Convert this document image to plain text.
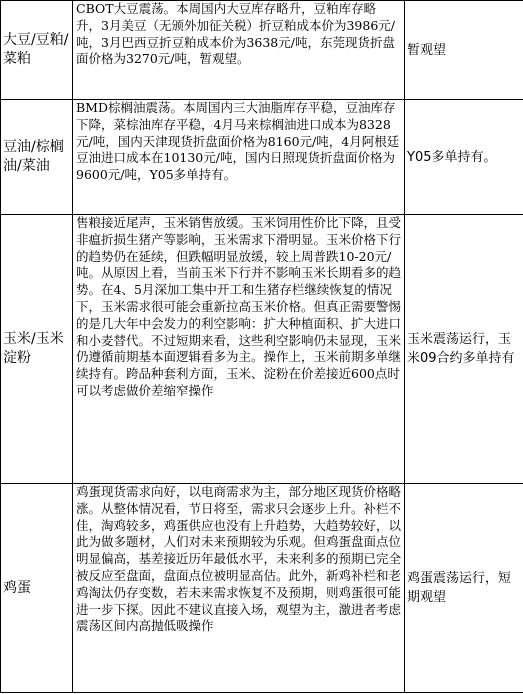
大豆/豆粕/菜粕	CBOT大豆震荡。本周国内大豆库存略升，豆粕库存略升，3月美豆（无颁外加征关税）折豆粕成本价为3986元/吨，3月巴西豆折豆粕成本价为3638元/吨，东莞现货折盘面价格为3270元/吨，暂观望。	暂观望
豆油/棕榈油/菜油	BMD棕榈油震荡。本周国内三大油脂库存平稳，豆油库存下降，菜棕油库存平稳，4月马来棕榈油进口成本为8328元/吨，国内天津现货折盘面价格为8160元/吨，4月阿根廷豆油进口成本在10130元/吨，国内日照现货折盘面价格为9600元/吨，Y05多单持有。	Y05多单持有。
玉米/玉米淀粉	售粮接近尾声，玉米销售放缓。玉米饲用性价比下降，且受非瘟折损生猪产等影响，玉米需求下滑明显。玉米价格下行的趋势仍在延续，但跌幅明显放缓，较上周普跌10-20元/吨。从原因上看，当前玉米下行并不影响玉米长期看多的趋势。在4、5月深加工集中开工和生猪存栏继续恢复的情况下，玉米需求很可能会重新拉高玉米价格。但真正需要警惕的是几大年中会发力的利空影响：扩大种植面积、扩大进口和小麦替代。不过短期来看，这些利空影响仍未显现，玉米仍遵循前期基本面逻辑看多为主。操作上，玉米前期多单继续持有。跨品种套利方面，玉米、淀粉在价差接近600点时可以考虑做价差缩窄操作	玉米震荡运行，玉米09合约多单持有
鸡蛋	鸡蛋现货需求向好，以电商需求为主，部分地区现货价格略涨。从整体情况看，节日将至，需求只会逐步上升。补栏不佳，淘鸡较多，鸡蛋供应也没有上升趋势，大趋势较好，以此为做多题材，人们对未来预期较为乐观。但鸡蛋盘面点位明显偏高，基差接近历年最低水平，未来利多的预期已完全被反应至盘面，盘面点位被明显高估。此外，新鸡补栏和老鸡淘汰仍存变数，若未来需求恢复不及预期，则鸡蛋很可能进一步下探。因此不建议直接入场，观望为主，激进者考虑震荡区间内高抛低吸操作	鸡蛋震荡运行，短期观望
